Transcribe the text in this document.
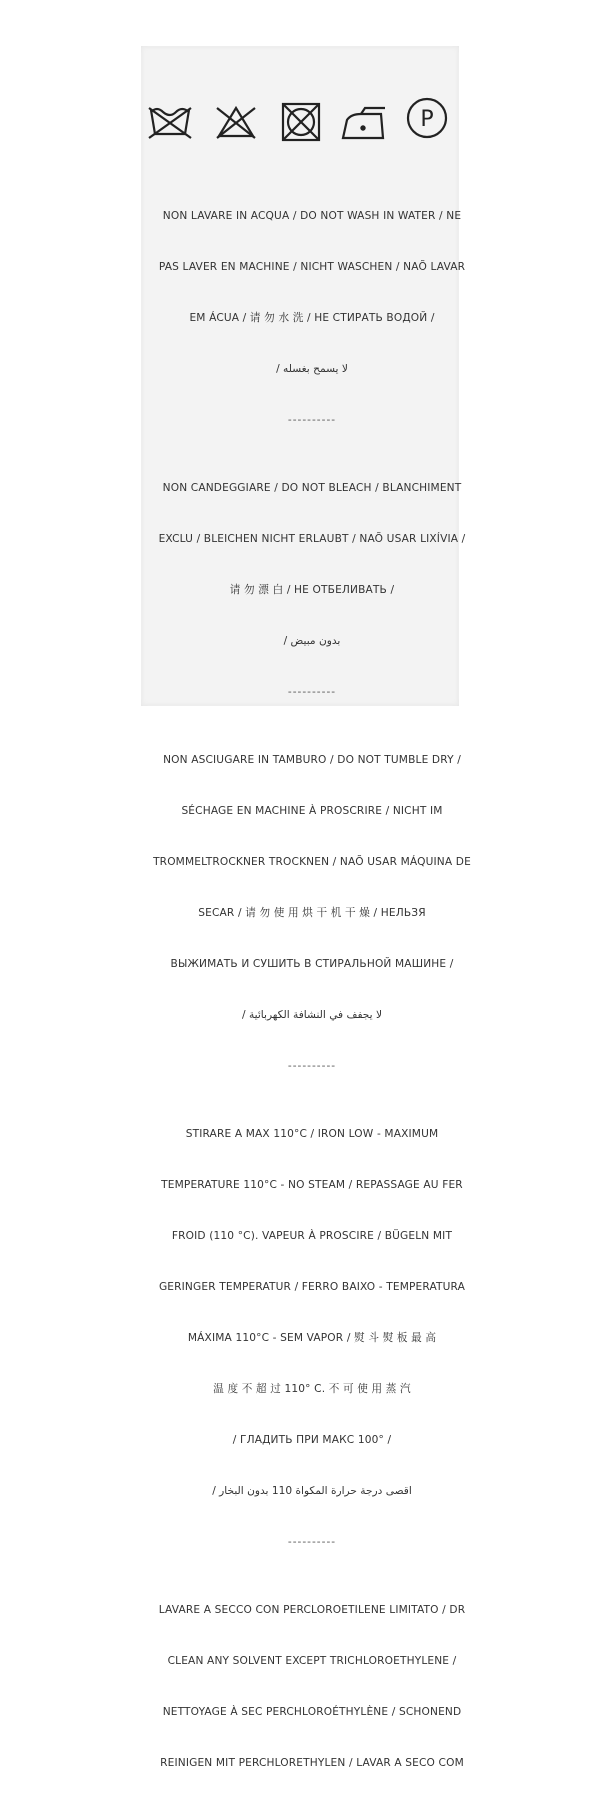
P

NON LAVARE IN ACQUA / DO NOT WASH IN WATER / NE

PAS LAVER EN MACHINE / NICHT WASCHEN / NAÕ LAVAR

EM ÁCUA / 请 勿 水 洗 / НЕ СТИРАТЬ ВОДОЙ /

/ لا يسمح بغسله

----------

NON CANDEGGIARE / DO NOT BLEACH / BLANCHIMENT

EXCLU / BLEICHEN NICHT ERLAUBT / NAÕ USAR LIXÍVIA /

请 勿 漂 白 / НЕ ОТБЕЛИВАТЬ /

/ بدون مبيض

----------

NON ASCIUGARE IN TAMBURO / DO NOT TUMBLE DRY /

SÉCHAGE EN MACHINE À PROSCRIRE / NICHT IM

TROMMELTROCKNER TROCKNEN / NAÕ USAR MÁQUINA DE

SECAR / 请 勿 使 用 烘 干 机 干 燥 / НЕЛЬЗЯ

ВЫЖИМАТЬ И СУШИТЬ В СТИРАЛЬНОЙ МАШИНЕ /

/ لا يجفف في النشافة الكهربائية

----------

STIRARE A MAX 110°C / IRON LOW - MAXIMUM

TEMPERATURE 110°C - NO STEAM / REPASSAGE AU FER

FROID (110 °C). VAPEUR À PROSCIRE / BÜGELN MIT

GERINGER TEMPERATUR / FERRO BAIXO - TEMPERATURA

MÁXIMA 110°C - SEM VAPOR / 熨 斗 熨 板 最 高

温 度 不 超 过 110° C. 不 可 使 用 蒸 汽

/ ГЛАДИТЬ ПРИ МАКС 100° /

/ اقصى درجة حرارة المكواة 110 بدون البخار

----------

LAVARE A SECCO CON PERCLOROETILENE LIMITATO / DR

CLEAN ANY SOLVENT EXCEPT TRICHLOROETHYLENE /

NETTOYAGE À SEC PERCHLOROÉTHYLÈNE / SCHONEND

REINIGEN MIT PERCHLORETHYLEN / LAVAR A SECO COM
